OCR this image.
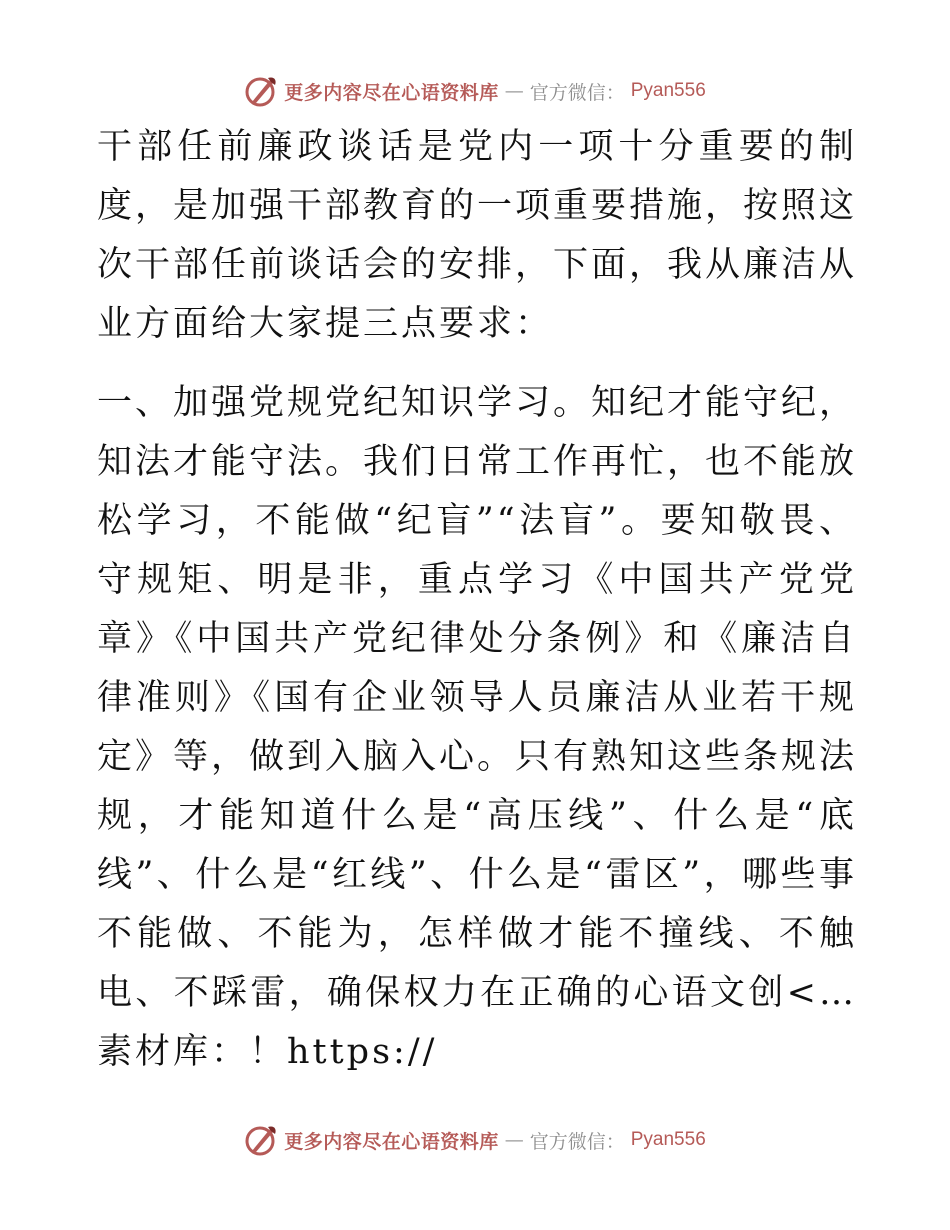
更多内容尽在心语资料库 — 官方微信： Pyan556

干部任前廉政谈话是党内一项十分重要的制度，是加强干部教育的一项重要措施，按照这次干部任前谈话会的安排，下面，我从廉洁从业方面给大家提三点要求：

一、加强党规党纪知识学习。知纪才能守纪，知法才能守法。我们日常工作再忙，也不能放松学习，不能做“纪盲”“法盲”。要知敬畏、守规矩、明是非，重点学习《中国共产党党章》《中国共产党纪律处分条例》和《廉洁自律准则》《国有企业领导人员廉洁从业若干规定》等，做到入脑入心。只有熟知这些条规法规，才能知道什么是“高压线”、什么是“底线”、什么是“红线”、什么是“雷区”，哪些事不能做、不能为，怎样做才能不撞线、不触电、不踩雷，确保权力在正确的心语文创<…素材库：！https://

更多内容尽在心语资料库 — 官方微信： Pyan556
